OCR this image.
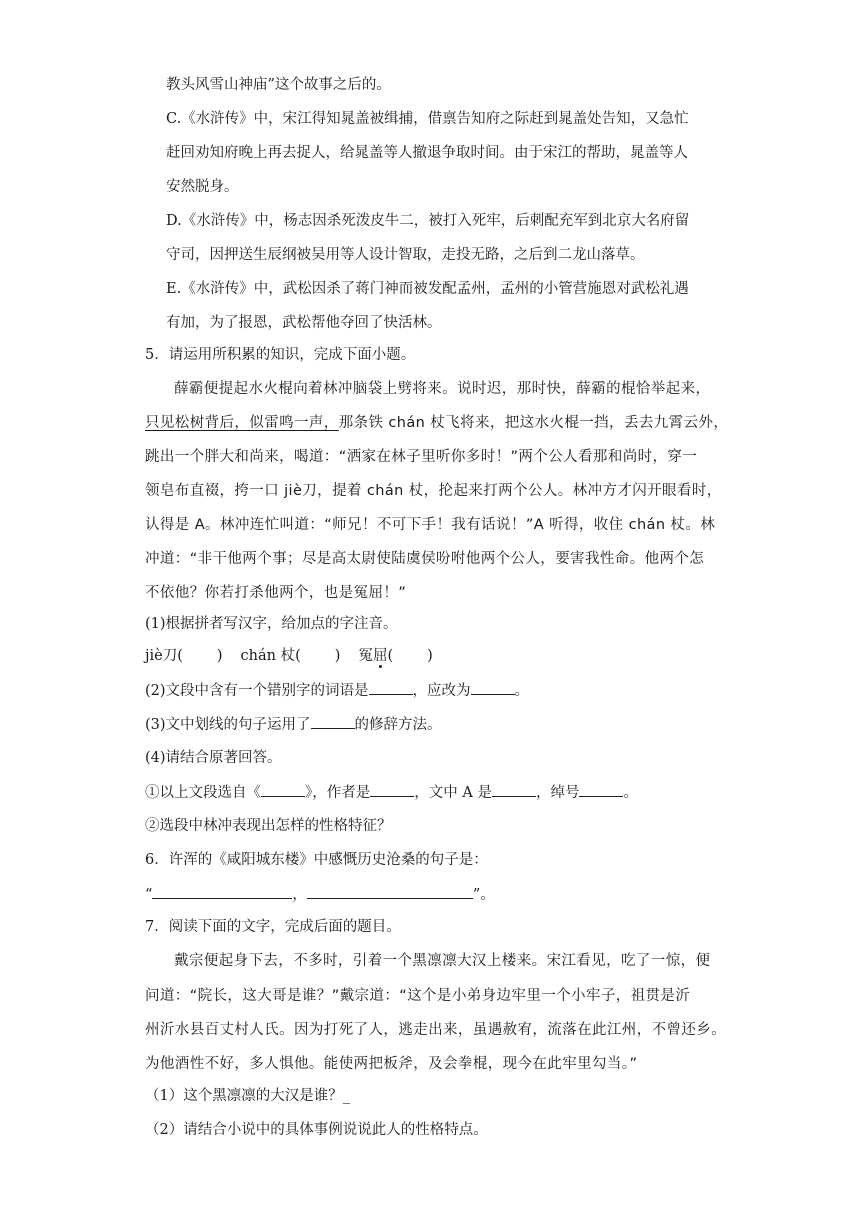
教头风雪山神庙”这个故事之后的。
C.《水浒传》中，宋江得知晁盖被缉捕，借禀告知府之际赶到晁盖处告知，又急忙
赶回劝知府晚上再去捉人，给晁盖等人撤退争取时间。由于宋江的帮助，晁盖等人
安然脱身。
D.《水浒传》中，杨志因杀死泼皮牛二，被打入死牢，后刺配充军到北京大名府留
守司，因押送生辰纲被吴用等人设计智取，走投无路，之后到二龙山落草。
E.《水浒传》中，武松因杀了蒋门神而被发配孟州，孟州的小管营施恩对武松礼遇
有加，为了报恩，武松帮他夺回了快活林。
5．请运用所积累的知识，完成下面小题。
薛霸便提起水火棍向着林冲脑袋上劈将来。说时迟，那时快，薛霸的棍恰举起来，
只见松树背后，似雷鸣一声，那条铁 chán 杖飞将来，把这水火棍一挡，丢去九霄云外，
跳出一个胖大和尚来，喝道：“洒家在林子里听你多时！”两个公人看那和尚时，穿一
领皂布直裰，挎一口 jiè刀，提着 chán 杖，抡起来打两个公人。林冲方才闪开眼看时，
认得是 A。林冲连忙叫道：“师兄！不可下手！我有话说！”A 听得，收住 chán 杖。林
冲道：“非干他两个事；尽是高太尉使陆虞侯吩咐他两个公人，要害我性命。他两个怎
不依他？你若打杀他两个，也是冤屈！”
(1)根据拼者写汉字，给加点的字注音。
jiè刀( ) chán 杖( ) 冤屈( )
(2)文段中含有一个错别字的词语是	，应改为	。
(3)文中划线的句子运用了	的修辞方法。
(4)请结合原著回答。
①以上文段选自《	》，作者是	，文中 A 是	，绰号	。
②选段中林冲表现出怎样的性格特征？
6．许浑的《咸阳城东楼》中感慨历史沧桑的句子是：
“	，	”。
7．阅读下面的文字，完成后面的题目。
戴宗便起身下去，不多时，引着一个黑凛凛大汉上楼来。宋江看见，吃了一惊，便
问道：“院长，这大哥是谁？”戴宗道：“这个是小弟身边牢里一个小牢子，祖贯是沂
州沂水县百丈村人氏。因为打死了人，逃走出来，虽遇赦宥，流落在此江州，不曾还乡。
为他酒性不好，多人惧他。能使两把板斧，及会拳棍，现今在此牢里勾当。”
（1）这个黑凛凛的大汉是谁？_
（2）请结合小说中的具体事例说说此人的性格特点。
